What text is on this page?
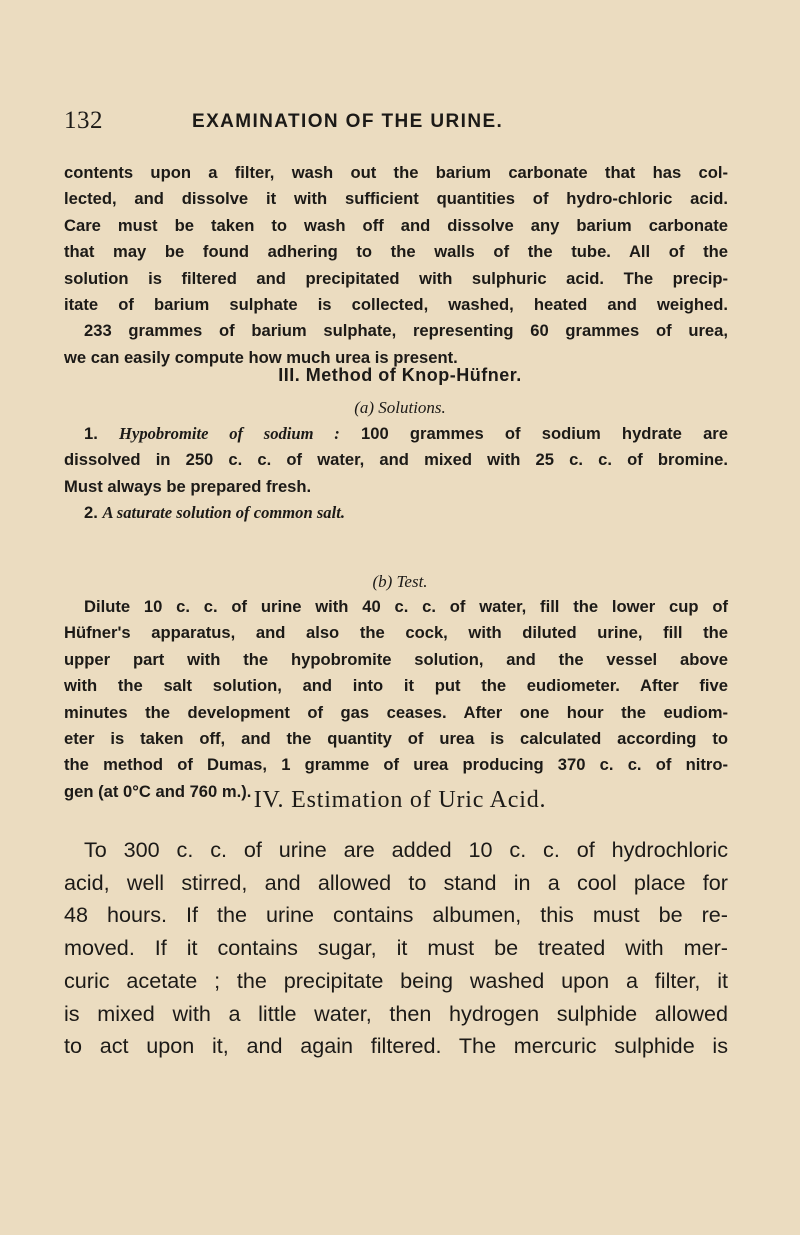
132	EXAMINATION OF THE URINE.
contents upon a filter, wash out the barium carbonate that has col-
lected, and dissolve it with sufficient quantities of hydro-chloric acid.
Care must be taken to wash off and dissolve any barium carbonate
that may be found adhering to the walls of the tube. All of the
solution is filtered and precipitated with sulphuric acid. The precip-
itate of barium sulphate is collected, washed, heated and weighed.
233 grammes of barium sulphate, representing 60 grammes of urea,
we can easily compute how much urea is present.
III. Method of Knop-Hüfner.
(a) Solutions.
1. Hypobromite of sodium : 100 grammes of sodium hydrate are
dissolved in 250 c. c. of water, and mixed with 25 c. c. of bromine.
Must always be prepared fresh.
2. A saturate solution of common salt.
(b) Test.
Dilute 10 c. c. of urine with 40 c. c. of water, fill the lower cup of
Hüfner's apparatus, and also the cock, with diluted urine, fill the
upper part with the hypobromite solution, and the vessel above
with the salt solution, and into it put the eudiometer. After five
minutes the development of gas ceases. After one hour the eudiom-
eter is taken off, and the quantity of urea is calculated according to
the method of Dumas, 1 gramme of urea producing 370 c. c. of nitro-
gen (at 0°C and 760 m.). IV. Estimation of Uric Acid.
To 300 c. c. of urine are added 10 c. c. of hydrochloric
acid, well stirred, and allowed to stand in a cool place for
48 hours. If the urine contains albumen, this must be re-
moved. If it contains sugar, it must be treated with mer-
curic acetate ; the precipitate being washed upon a filter, it
is mixed with a little water, then hydrogen sulphide allowed
to act upon it, and again filtered. The mercuric sulphide is
